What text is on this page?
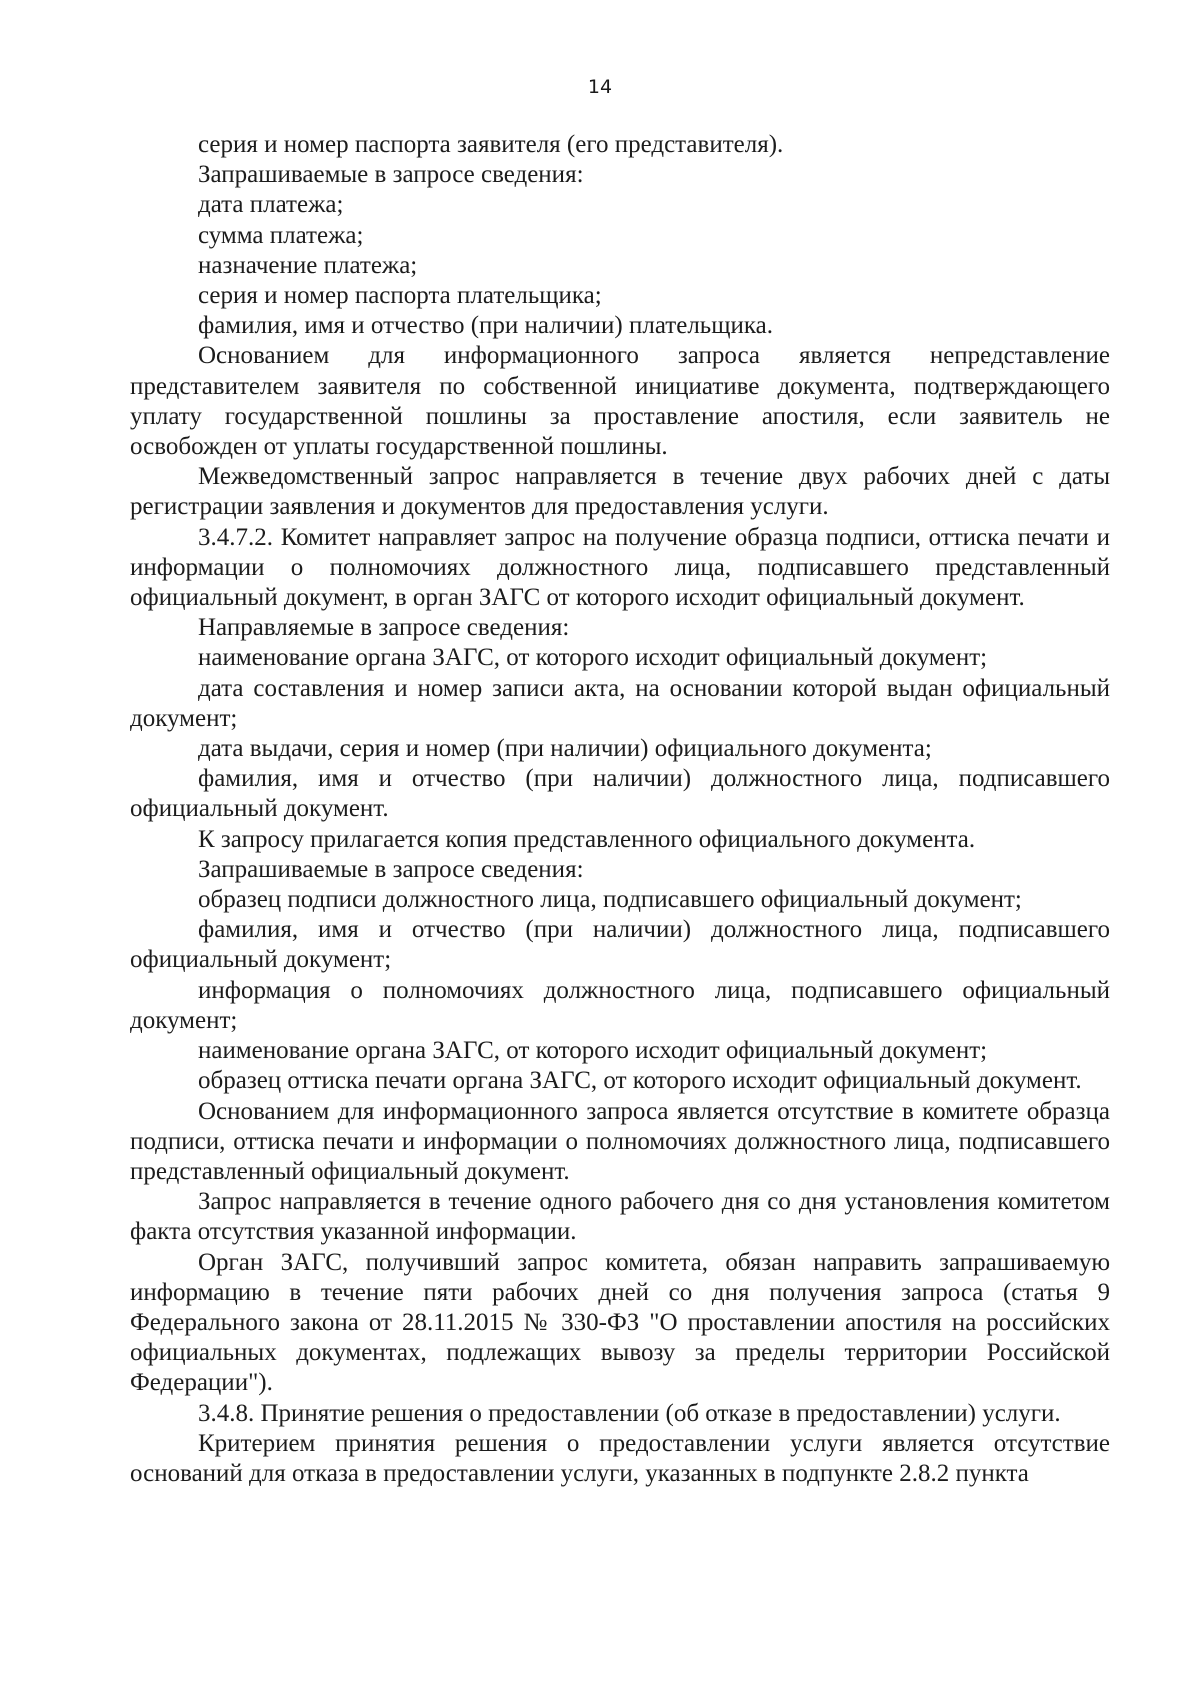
14

серия и номер паспорта заявителя (его представителя).

Запрашиваемые в запросе сведения:

дата платежа;

сумма платежа;

назначение платежа;

серия и номер паспорта плательщика;

фамилия, имя и отчество (при наличии) плательщика.

Основанием для информационного запроса является непредставление представителем заявителя по собственной инициативе документа, подтверждающего уплату государственной пошлины за проставление апостиля, если заявитель не освобожден от уплаты государственной пошлины.

Межведомственный запрос направляется в течение двух рабочих дней с даты регистрации заявления и документов для предоставления услуги.

3.4.7.2. Комитет направляет запрос на получение образца подписи, оттиска печати и информации о полномочиях должностного лица, подписавшего представленный официальный документ, в орган ЗАГС от которого исходит официальный документ.

Направляемые в запросе сведения:

наименование органа ЗАГС, от которого исходит официальный документ;

дата составления и номер записи акта, на основании которой выдан официальный документ;

дата выдачи, серия и номер (при наличии) официального документа;

фамилия, имя и отчество (при наличии) должностного лица, подписавшего официальный документ.

К запросу прилагается копия представленного официального документа.

Запрашиваемые в запросе сведения:

образец подписи должностного лица, подписавшего официальный документ;

фамилия, имя и отчество (при наличии) должностного лица, подписавшего официальный документ;

информация о полномочиях должностного лица, подписавшего официальный документ;

наименование органа ЗАГС, от которого исходит официальный документ;

образец оттиска печати органа ЗАГС, от которого исходит официальный документ.

Основанием для информационного запроса является отсутствие в комитете образца подписи, оттиска печати и информации о полномочиях должностного лица, подписавшего представленный официальный документ.

Запрос направляется в течение одного рабочего дня со дня установления комитетом факта отсутствия указанной информации.

Орган ЗАГС, получивший запрос комитета, обязан направить запрашиваемую информацию в течение пяти рабочих дней со дня получения запроса (статья 9 Федерального закона от 28.11.2015 № 330-ФЗ "О проставлении апостиля на российских официальных документах, подлежащих вывозу за пределы территории Российской Федерации").

3.4.8. Принятие решения о предоставлении (об отказе в предоставлении) услуги.

Критерием принятия решения о предоставлении услуги является отсутствие оснований для отказа в предоставлении услуги, указанных в подпункте 2.8.2 пункта
